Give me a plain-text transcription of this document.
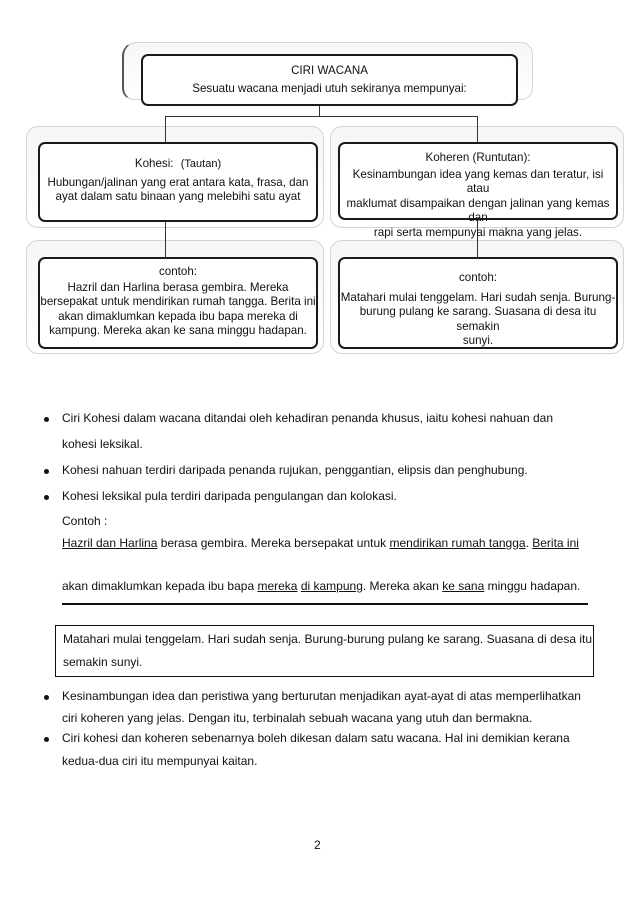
CIRI WACANA
Sesuatu wacana menjadi utuh sekiranya mempunyai:
Kohesi: (Tautan)
Hubungan/jalinan yang erat antara kata, frasa, dan
ayat dalam satu binaan yang melebihi satu ayat
Koheren (Runtutan):
Kesinambungan idea yang kemas dan teratur, isi atau
maklumat disampaikan dengan jalinan yang kemas dan
rapi serta mempunyai makna yang jelas.
contoh:
Hazril dan Harlina berasa gembira. Mereka
bersepakat untuk mendirikan rumah tangga. Berita ini
akan dimaklumkan kepada ibu bapa mereka di
kampung. Mereka akan ke sana minggu hadapan.
contoh:
Matahari mulai tenggelam. Hari sudah senja. Burung-
burung pulang ke sarang. Suasana di desa itu semakin
sunyi.
Ciri Kohesi dalam wacana ditandai oleh kehadiran penanda khusus, iaitu kohesi nahuan dan
kohesi leksikal.
Kohesi nahuan terdiri daripada penanda rujukan, penggantian, elipsis dan penghubung.
Kohesi leksikal pula terdiri daripada pengulangan dan kolokasi.
Contoh :
Hazril dan Harlina berasa gembira. Mereka bersepakat untuk mendirikan rumah tangga. Berita ini
akan dimaklumkan kepada ibu bapa mereka di kampung. Mereka akan ke sana minggu hadapan.
Matahari mulai tenggelam. Hari sudah senja. Burung-burung pulang ke sarang. Suasana di desa itu
semakin sunyi.
Kesinambungan idea dan peristiwa yang berturutan menjadikan ayat-ayat di atas memperlihatkan
ciri koheren yang jelas. Dengan itu, terbinalah sebuah wacana yang utuh dan bermakna.
Ciri kohesi dan koheren sebenarnya boleh dikesan dalam satu wacana. Hal ini demikian kerana
kedua-dua ciri itu mempunyai kaitan.
2
